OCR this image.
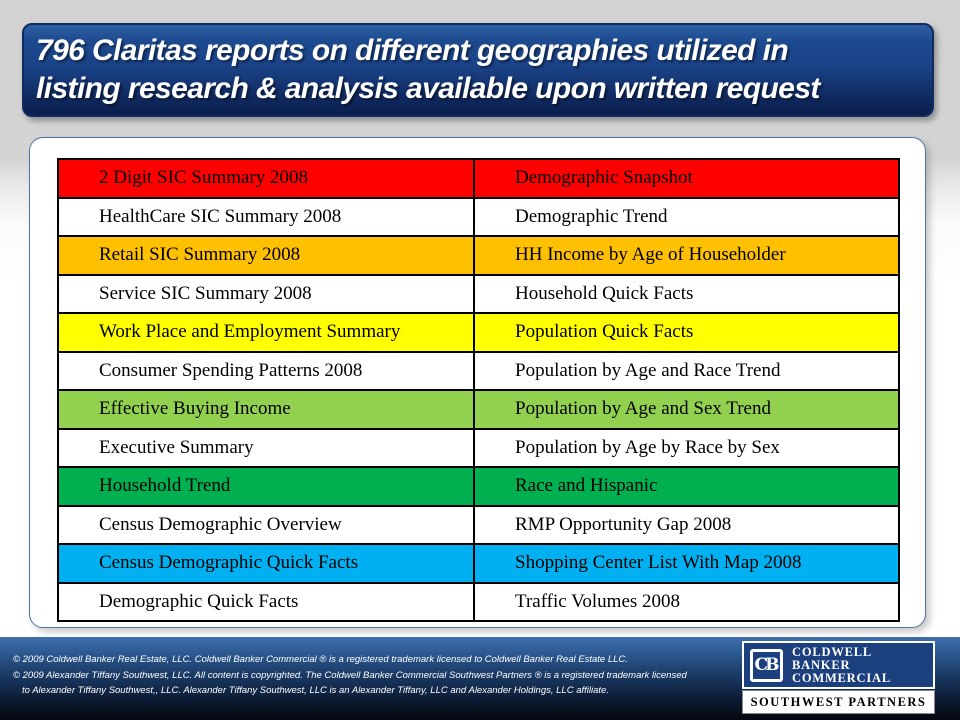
796 Claritas reports on different geographies utilized in
listing research & analysis available upon written request
2 Digit SIC Summary 2008	Demographic Snapshot
HealthCare SIC Summary 2008	Demographic Trend
Retail SIC Summary 2008	HH Income by Age of Householder
Service SIC Summary 2008	Household Quick Facts
Work Place and Employment Summary	Population Quick Facts
Consumer Spending Patterns 2008	Population by Age and Race Trend
Effective Buying Income	Population by Age and Sex Trend
Executive Summary	Population by Age by Race by Sex
Household Trend	Race and Hispanic
Census Demographic Overview	RMP Opportunity Gap 2008
Census Demographic Quick Facts	Shopping Center List With Map 2008
Demographic Quick Facts	Traffic Volumes 2008
© 2009 Coldwell Banker Real Estate, LLC. Coldwell Banker Commercial ® is a registered trademark licensed to Coldwell Banker Real Estate LLC.
© 2009 Alexander Tiffany Southwest, LLC. All content is copyrighted. The Coldwell Banker Commercial Southwest Partners ® is a registered trademark licensed
to Alexander Tiffany Southwest,, LLC. Alexander Tiffany Southwest, LLC is an Alexander Tiffany, LLC and Alexander Holdings, LLC affiliate.
CB
COLDWELL
BANKER
COMMERCIAL
SOUTHWEST PARTNERS
